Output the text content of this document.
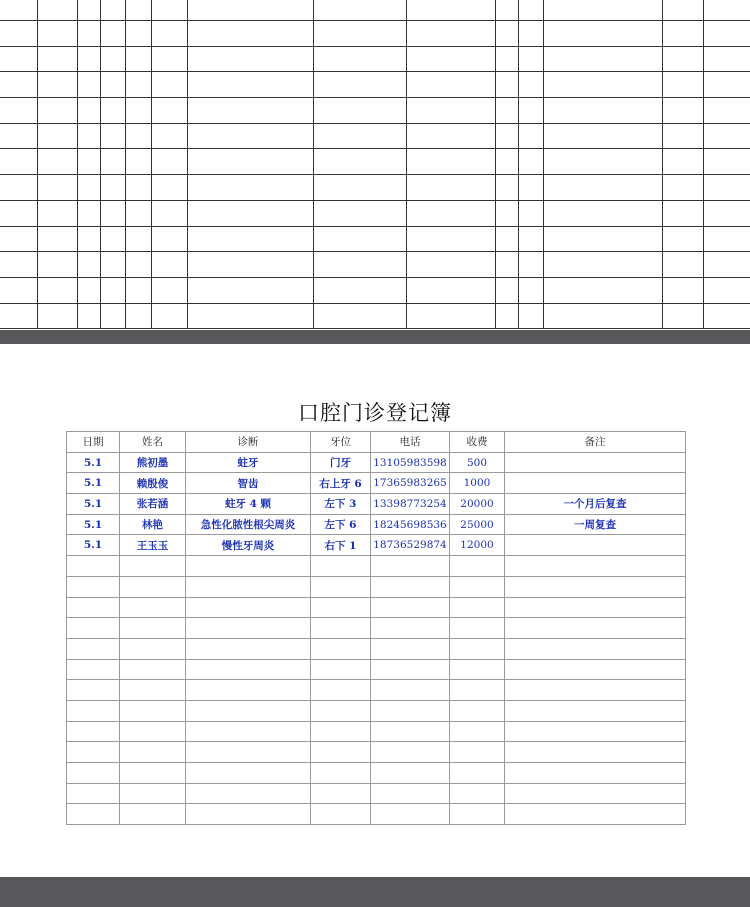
口腔门诊登记簿
日期	姓名	诊断	牙位	电话	收费	备注
5.1	熊初墨	蛀牙	门牙	13105983598	500	
5.1	赖殷俊	智齿	右上牙 6	17365983265	1000	
5.1	张若涵	蛀牙 4 颗	左下 3	13398773254	20000	一个月后复查
5.1	林艳	急性化脓性根尖周炎	左下 6	18245698536	25000	一周复查
5.1	王玉玉	慢性牙周炎	右下 1	18736529874	12000	
